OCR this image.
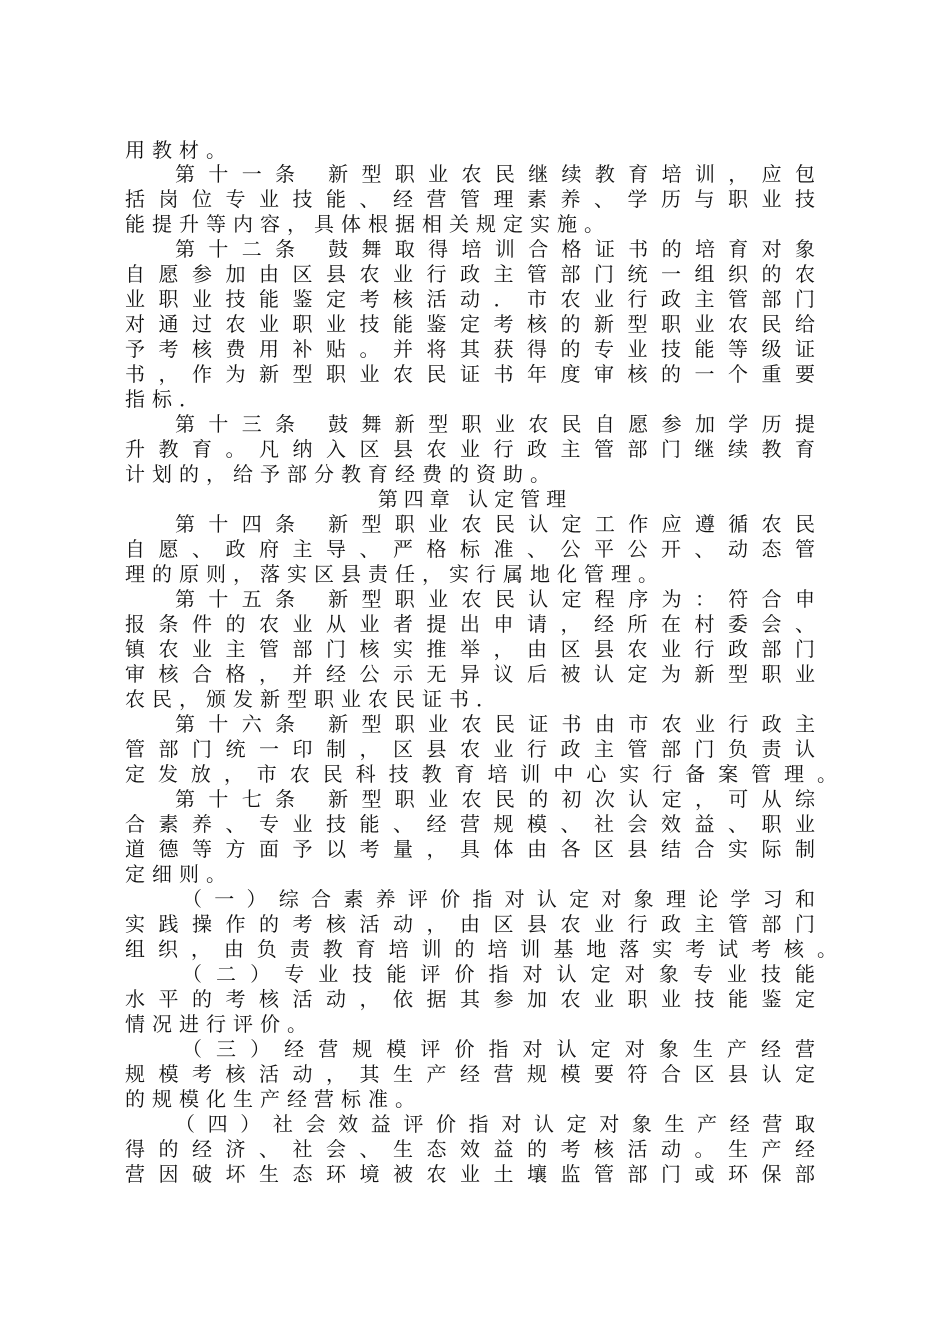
用教材。
第十一条 新型职业农民继续教育培训，应包
括岗位专业技能、经营管理素养、学历与职业技
能提升等内容，具体根据相关规定实施。
第十二条 鼓舞取得培训合格证书的培育对象
自愿参加由区县农业行政主管部门统一组织的农
业职业技能鉴定考核活动．市农业行政主管部门
对通过农业职业技能鉴定考核的新型职业农民给
予考核费用补贴。并将其获得的专业技能等级证
书，作为新型职业农民证书年度审核的一个重要
指标．
第十三条 鼓舞新型职业农民自愿参加学历提
升教育。凡纳入区县农业行政主管部门继续教育
计划的，给予部分教育经费的资助。
第四章 认定管理
第十四条 新型职业农民认定工作应遵循农民
自愿、政府主导、严格标准、公平公开、动态管
理的原则，落实区县责任，实行属地化管理。
第十五条 新型职业农民认定程序为：符合申
报条件的农业从业者提出申请，经所在村委会、
镇农业主管部门核实推举，由区县农业行政部门
审核合格，并经公示无异议后被认定为新型职业
农民，颁发新型职业农民证书．
第十六条 新型职业农民证书由市农业行政主
管部门统一印制，区县农业行政主管部门负责认
定发放，市农民科技教育培训中心实行备案管理。
第十七条 新型职业农民的初次认定，可从综
合素养、专业技能、经营规模、社会效益、职业
道德等方面予以考量，具体由各区县结合实际制
定细则。
（一）综合素养评价指对认定对象理论学习和
实践操作的考核活动，由区县农业行政主管部门
组织，由负责教育培训的培训基地落实考试考核。
（二）专业技能评价指对认定对象专业技能
水平的考核活动，依据其参加农业职业技能鉴定
情况进行评价。
（三）经营规模评价指对认定对象生产经营
规模考核活动，其生产经营规模要符合区县认定
的规模化生产经营标准。
（四）社会效益评价指对认定对象生产经营取
得的经济、社会、生态效益的考核活动。生产经
营因破坏生态环境被农业土壤监管部门或环保部
